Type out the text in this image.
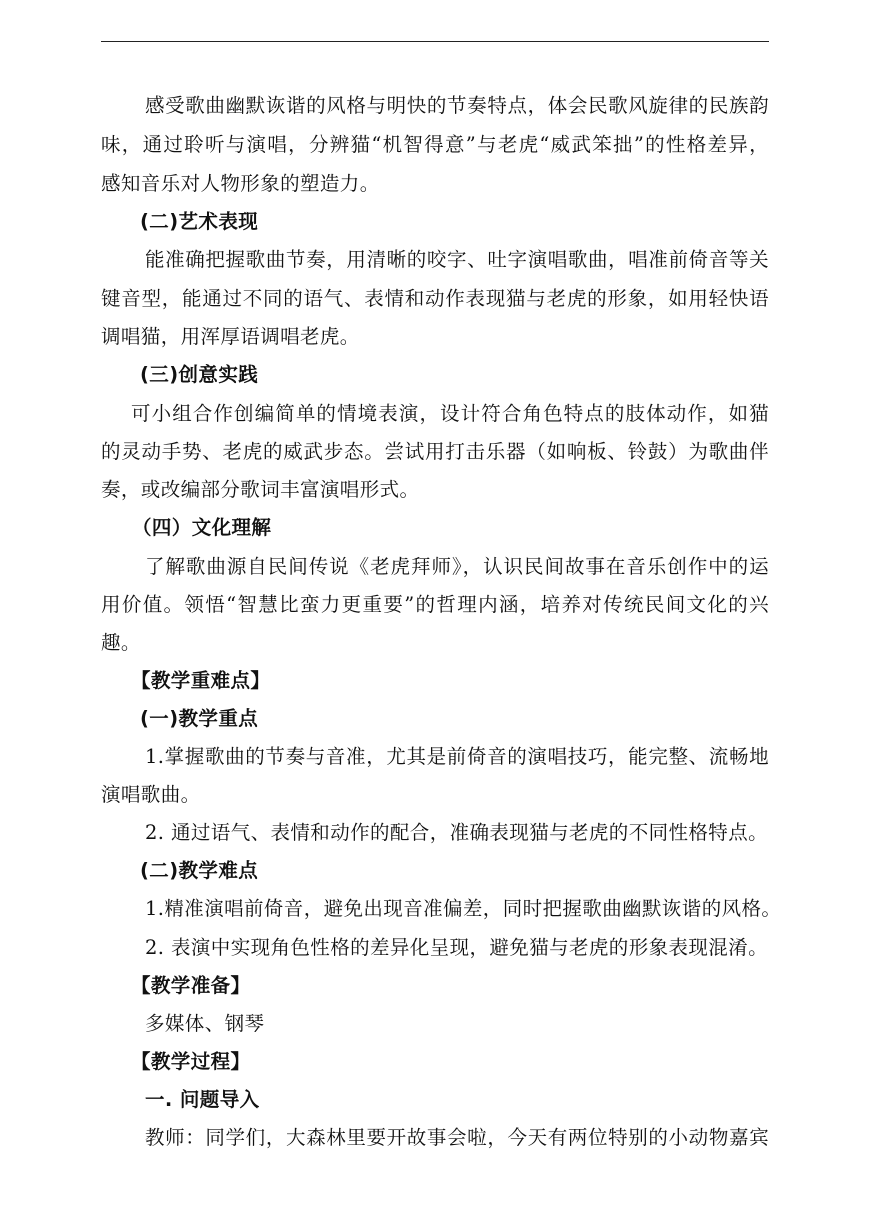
感受歌曲幽默诙谐的风格与明快的节奏特点，体会民歌风旋律的民族韵
味，通过聆听与演唱，分辨猫“机智得意”与老虎“威武笨拙”的性格差异，
感知音乐对人物形象的塑造力。
(二)艺术表现
能准确把握歌曲节奏，用清晰的咬字、吐字演唱歌曲，唱准前倚音等关
键音型，能通过不同的语气、表情和动作表现猫与老虎的形象，如用轻快语
调唱猫，用浑厚语调唱老虎。
(三)创意实践
可小组合作创编简单的情境表演，设计符合角色特点的肢体动作，如猫
的灵动手势、老虎的威武步态。尝试用打击乐器（如响板、铃鼓）为歌曲伴
奏，或改编部分歌词丰富演唱形式。
（四）文化理解
了解歌曲源自民间传说《老虎拜师》，认识民间故事在音乐创作中的运
用价值。领悟“智慧比蛮力更重要”的哲理内涵，培养对传统民间文化的兴
趣。
【教学重难点】
(一)教学重点
1.掌握歌曲的节奏与音准，尤其是前倚音的演唱技巧，能完整、流畅地
演唱歌曲。
2. 通过语气、表情和动作的配合，准确表现猫与老虎的不同性格特点。
(二)教学难点
1.精准演唱前倚音，避免出现音准偏差，同时把握歌曲幽默诙谐的风格。
2. 表演中实现角色性格的差异化呈现，避免猫与老虎的形象表现混淆。
【教学准备】
多媒体、钢琴
【教学过程】
一. 问题导入
教师：同学们，大森林里要开故事会啦，今天有两位特别的小动物嘉宾
